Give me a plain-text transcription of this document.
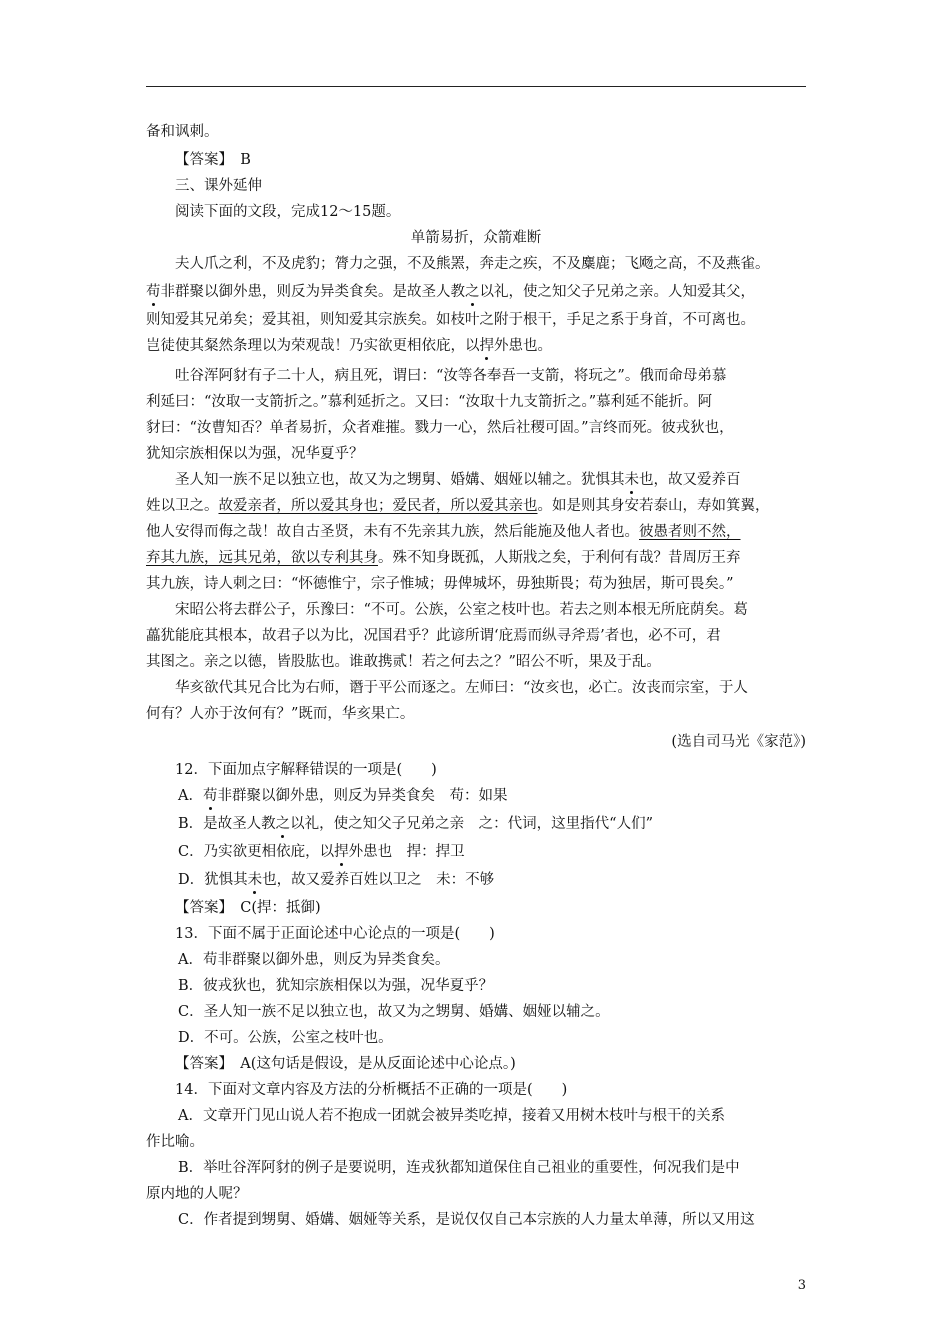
备和讽刺。
【答案】　B
三、课外延伸
阅读下面的文段，完成12～15题。
单箭易折，众箭难断
夫人爪之利，不及虎豹；膂力之强，不及熊罴，奔走之疾，不及麋鹿；飞飏之高，不及燕雀。
苟非群聚以御外患，则反为异类食矣。是故圣人教之以礼，使之知父子兄弟之亲。人知爱其父，
则知爱其兄弟矣；爱其祖，则知爱其宗族矣。如枝叶之附于根干，手足之系于身首，不可离也。
岂徒使其粲然条理以为荣观哉！乃实欲更相依庇，以捍外患也。
吐谷浑阿豺有子二十人，病且死，谓曰：“汝等各奉吾一支箭，将玩之”。俄而命母弟慕
利延曰：“汝取一支箭折之。”慕利延折之。又曰：“汝取十九支箭折之。”慕利延不能折。阿
豺曰：“汝曹知否？单者易折，众者难摧。戮力一心，然后社稷可固。”言终而死。彼戎狄也，
犹知宗族相保以为强，况华夏乎？
圣人知一族不足以独立也，故又为之甥舅、婚媾、姻娅以辅之。犹惧其未也，故又爱养百
姓以卫之。故爱亲者，所以爱其身也；爱民者，所以爱其亲也。如是则其身安若泰山，寿如箕翼，
他人安得而侮之哉！故自古圣贤，未有不先亲其九族，然后能施及他人者也。彼愚者则不然，
弃其九族，远其兄弟，欲以专利其身。殊不知身既孤，人斯戕之矣，于利何有哉？昔周厉王弃
其九族，诗人刺之曰：“怀德惟宁，宗子惟城；毋俾城坏，毋独斯畏；苟为独居，斯可畏矣。”
宋昭公将去群公子，乐豫曰：“不可。公族，公室之枝叶也。若去之则本根无所庇荫矣。葛
藟犹能庇其根本，故君子以为比，况国君乎？此谚所谓‘庇焉而纵寻斧焉’者也，必不可，君
其图之。亲之以德，皆股肱也。谁敢携贰！若之何去之？”昭公不听，果及于乱。
华亥欲代其兄合比为右师，谮于平公而逐之。左师曰：“汝亥也，必亡。汝丧而宗室，于人
何有？人亦于汝何有？”既而，华亥果亡。
(选自司马光《家范》)
12．下面加点字解释错误的一项是(　　)
A．苟非群聚以御外患，则反为异类食矣　苟：如果
B．是故圣人教之以礼，使之知父子兄弟之亲　之：代词，这里指代“人们”
C．乃实欲更相依庇，以捍外患也　捍：捍卫
D．犹惧其未也，故又爱养百姓以卫之　未：不够
【答案】　C(捍：抵御)
13．下面不属于正面论述中心论点的一项是(　　)
A．苟非群聚以御外患，则反为异类食矣。
B．彼戎狄也，犹知宗族相保以为强，况华夏乎？
C．圣人知一族不足以独立也，故又为之甥舅、婚媾、姻娅以辅之。
D．不可。公族，公室之枝叶也。
【答案】　A(这句话是假设，是从反面论述中心论点。)
14．下面对文章内容及方法的分析概括不正确的一项是(　　)
A．文章开门见山说人若不抱成一团就会被异类吃掉，接着又用树木枝叶与根干的关系
作比喻。
B．举吐谷浑阿豺的例子是要说明，连戎狄都知道保住自己祖业的重要性，何况我们是中
原内地的人呢？
C．作者提到甥舅、婚媾、姻娅等关系，是说仅仅自己本宗族的人力量太单薄，所以又用这
3
